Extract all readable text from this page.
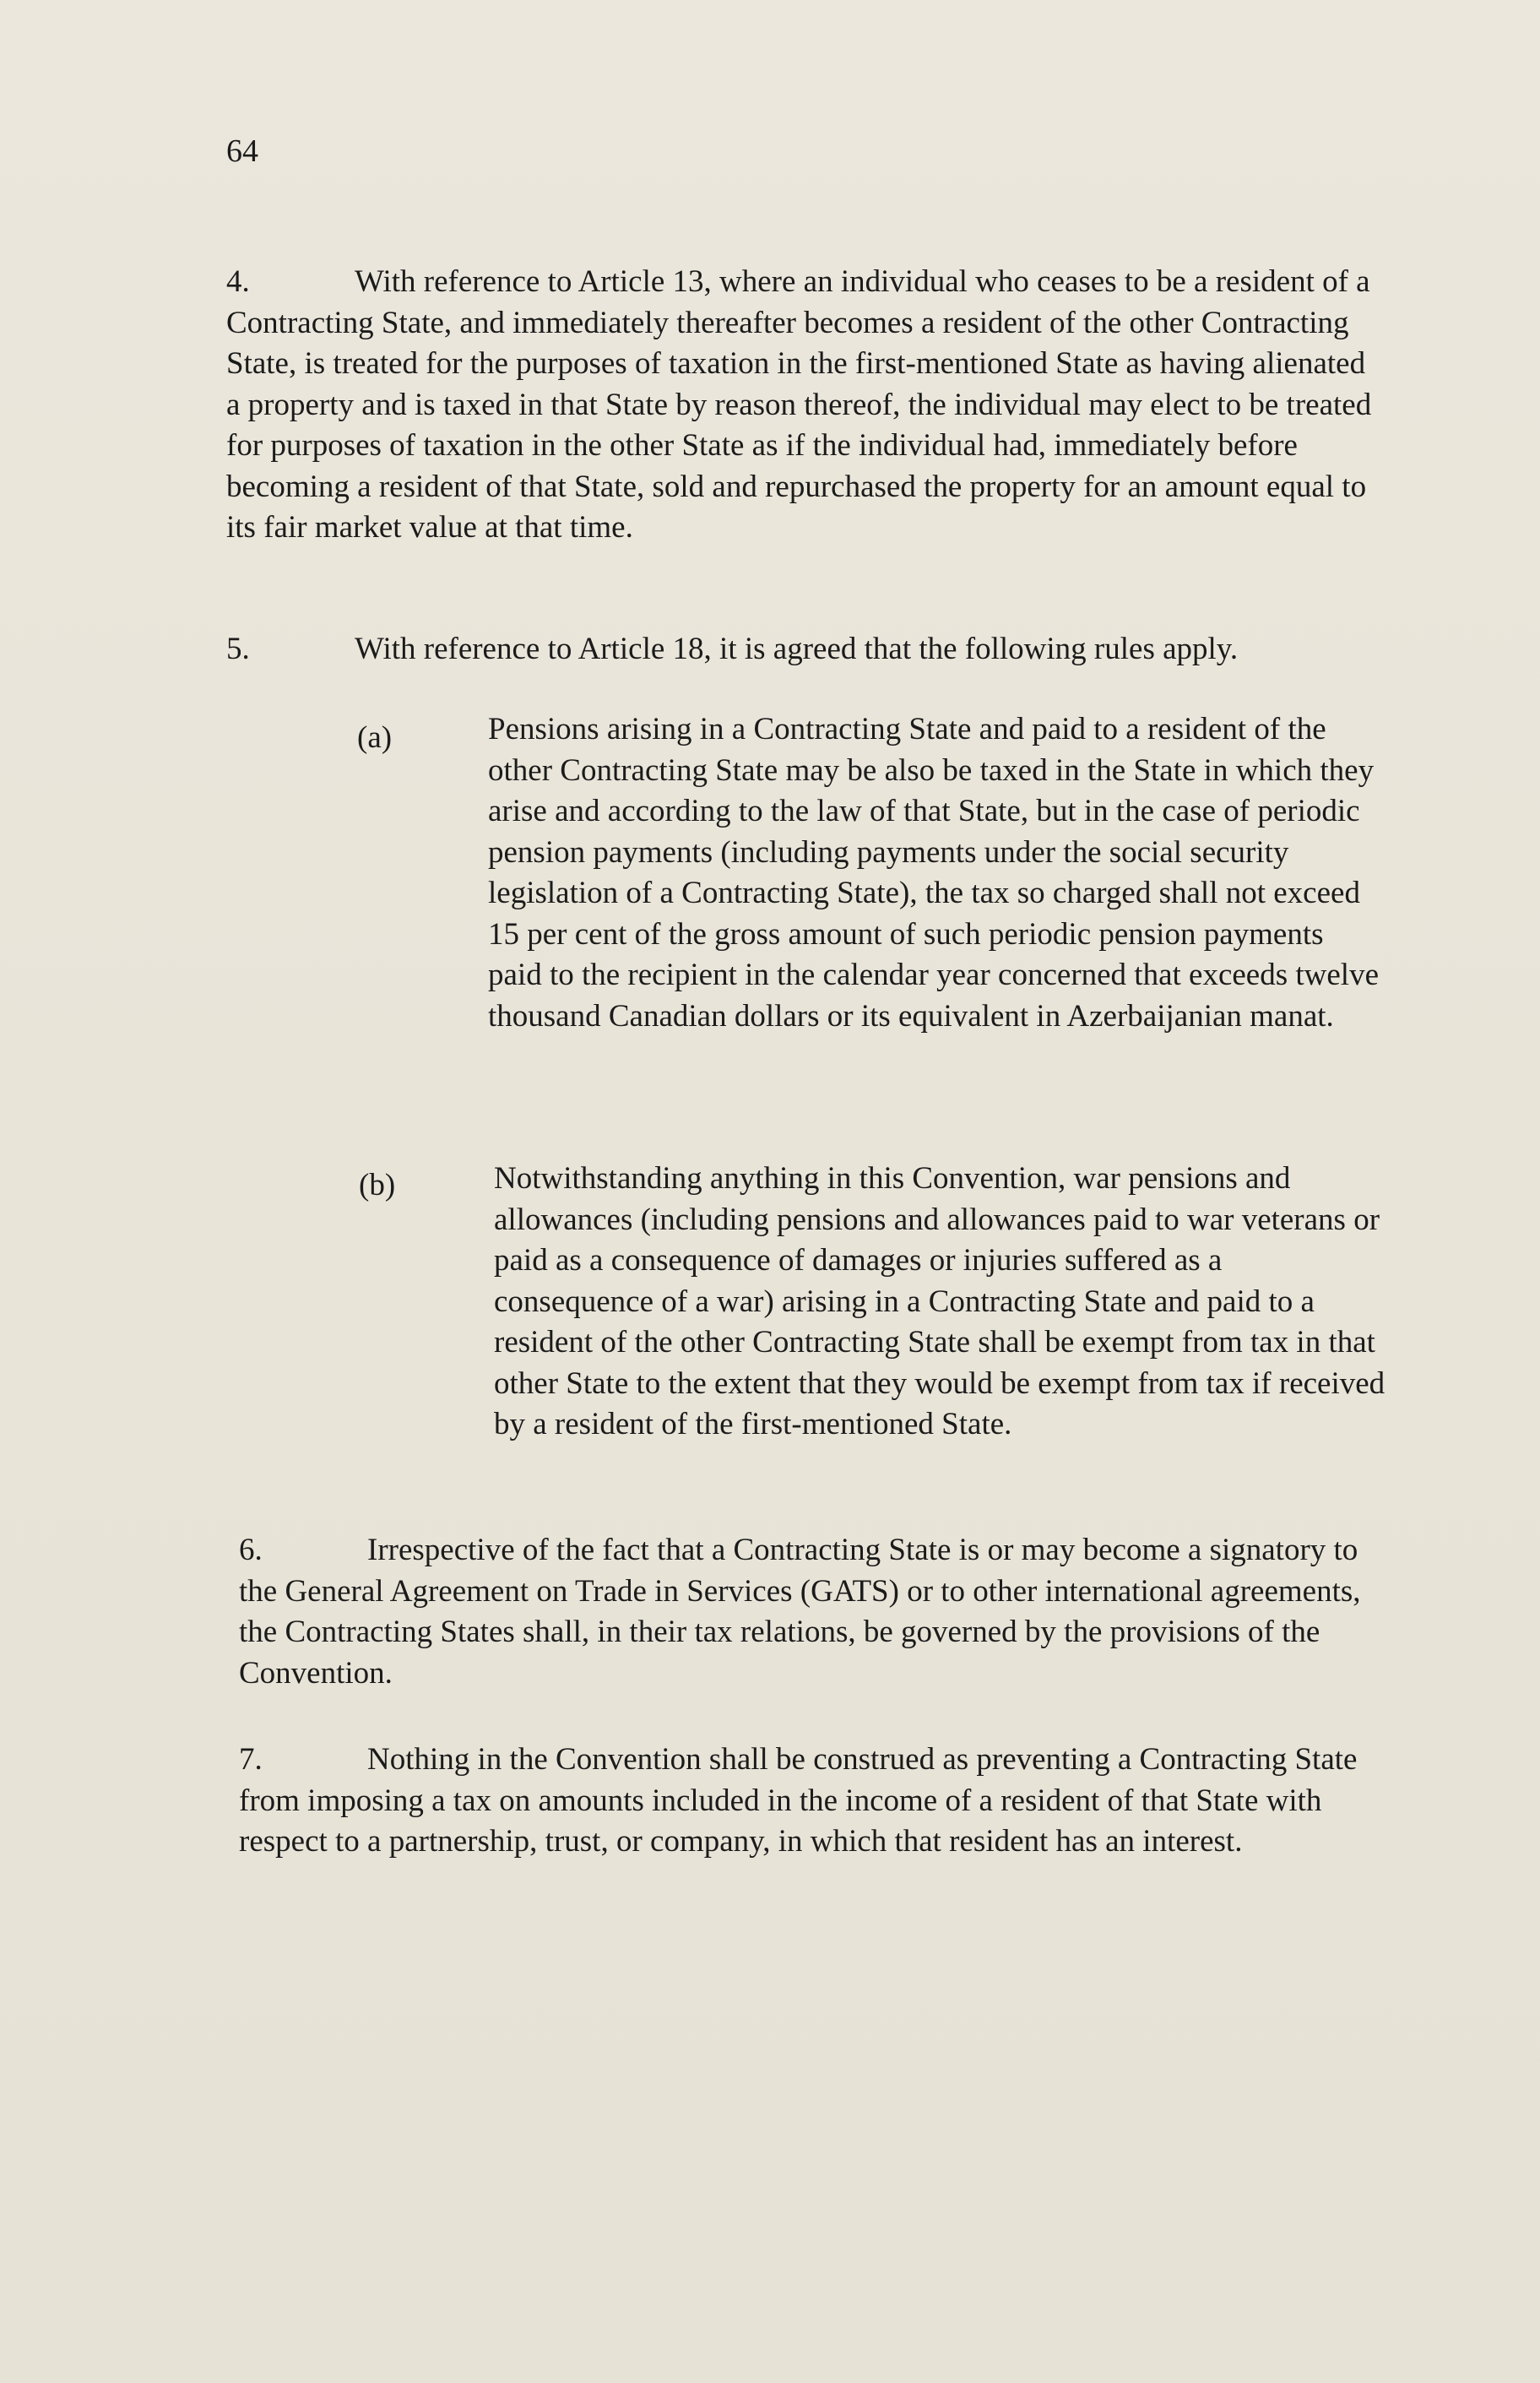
64

4.	With reference to Article 13, where an individual who ceases to be a resident of a Contracting State, and immediately thereafter becomes a resident of the other Contracting State, is treated for the purposes of taxation in the first-mentioned State as having alienated a property and is taxed in that State by reason thereof, the individual may elect to be treated for purposes of taxation in the other State as if the individual had, immediately before becoming a resident of that State, sold and repurchased the property for an amount equal to its fair market value at that time.

5.	With reference to Article 18, it is agreed that the following rules apply.

(a)	Pensions arising in a Contracting State and paid to a resident of the other Contracting State may be also be taxed in the State in which they arise and according to the law of that State, but in the case of periodic pension payments (including payments under the social security legislation of a Contracting State), the tax so charged shall not exceed 15 per cent of the gross amount of such periodic pension payments paid to the recipient in the calendar year concerned that exceeds twelve thousand Canadian dollars or its equivalent in Azerbaijanian manat.

(b)	Notwithstanding anything in this Convention, war pensions and allowances (including pensions and allowances paid to war veterans or paid as a consequence of damages or injuries suffered as a consequence of a war) arising in a Contracting State and paid to a resident of the other Contracting State shall be exempt from tax in that other State to the extent that they would be exempt from tax if received by a resident of the first-mentioned State.

6.	Irrespective of the fact that a Contracting State is or may become a signatory to the General Agreement on Trade in Services (GATS) or to other international agreements, the Contracting States shall, in their tax relations, be governed by the provisions of the Convention.

7.	Nothing in the Convention shall be construed as preventing a Contracting State from imposing a tax on amounts included in the income of a resident of that State with respect to a partnership, trust, or company, in which that resident has an interest.
